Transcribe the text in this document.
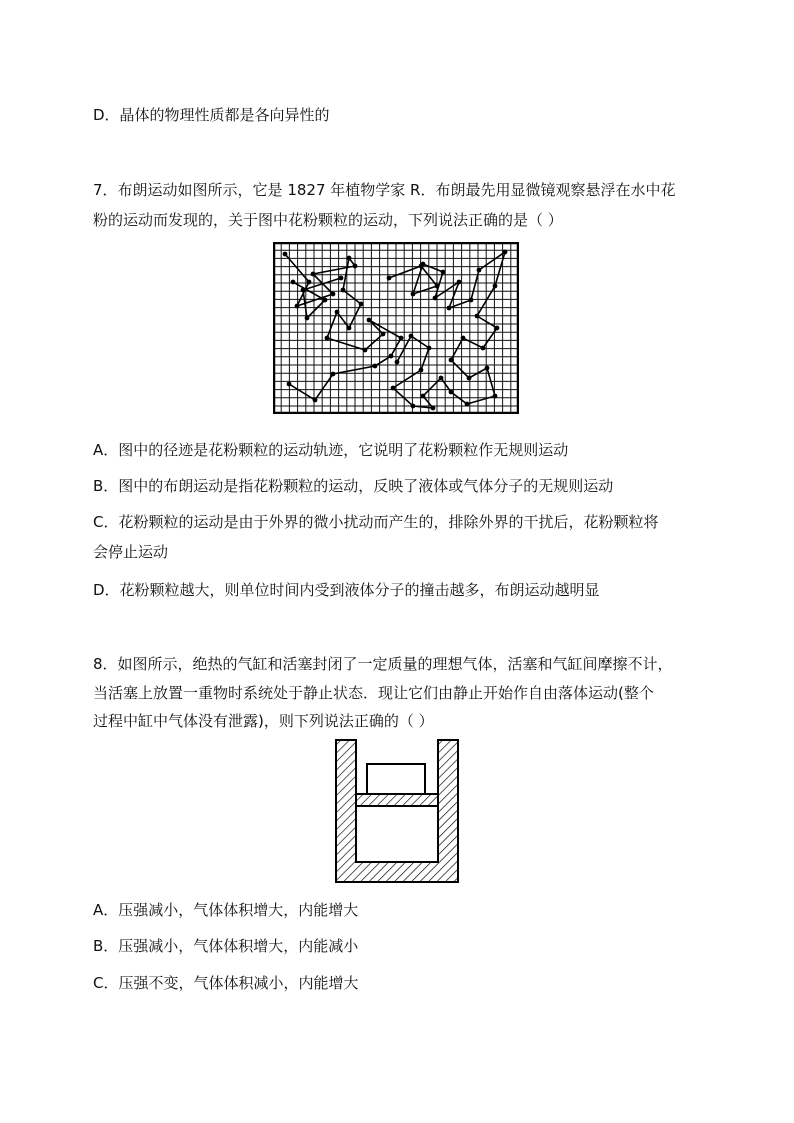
D．晶体的物理性质都是各向异性的
7．布朗运动如图所示，它是 1827 年植物学家 R．布朗最先用显微镜观察悬浮在水中花
粉的运动而发现的，关于图中花粉颗粒的运动，下列说法正确的是（ ）
A．图中的径迹是花粉颗粒的运动轨迹，它说明了花粉颗粒作无规则运动
B．图中的布朗运动是指花粉颗粒的运动，反映了液体或气体分子的无规则运动
C．花粉颗粒的运动是由于外界的微小扰动而产生的，排除外界的干扰后，花粉颗粒将
会停止运动
D．花粉颗粒越大，则单位时间内受到液体分子的撞击越多，布朗运动越明显
8．如图所示，绝热的气缸和活塞封闭了一定质量的理想气体，活塞和气缸间摩擦不计，
当活塞上放置一重物时系统处于静止状态．现让它们由静止开始作自由落体运动(整个
过程中缸中气体没有泄露)，则下列说法正确的（ ）
A．压强减小，气体体积增大，内能增大
B．压强减小，气体体积增大，内能减小
C．压强不变，气体体积减小，内能增大
